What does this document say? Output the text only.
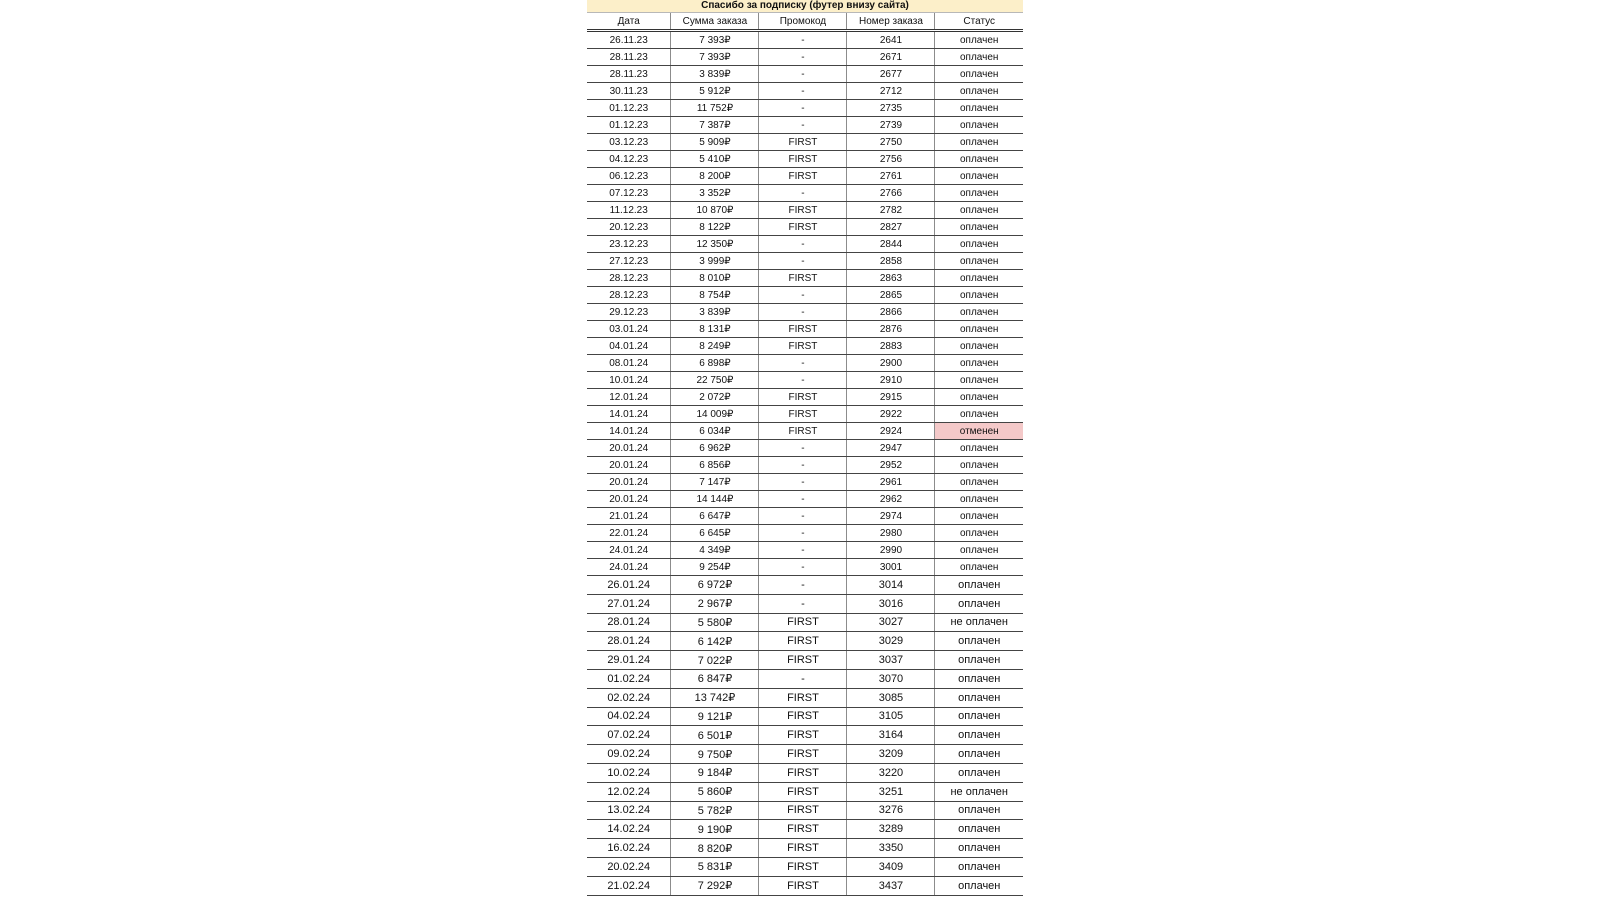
Спасибо за подписку (футер внизу сайта)
Дата	Сумма заказа	Промокод	Номер заказа	Статус
26.11.23	7 393₽	-	2641	оплачен
28.11.23	7 393₽	-	2671	оплачен
28.11.23	3 839₽	-	2677	оплачен
30.11.23	5 912₽	-	2712	оплачен
01.12.23	11 752₽	-	2735	оплачен
01.12.23	7 387₽	-	2739	оплачен
03.12.23	5 909₽	FIRST	2750	оплачен
04.12.23	5 410₽	FIRST	2756	оплачен
06.12.23	8 200₽	FIRST	2761	оплачен
07.12.23	3 352₽	-	2766	оплачен
11.12.23	10 870₽	FIRST	2782	оплачен
20.12.23	8 122₽	FIRST	2827	оплачен
23.12.23	12 350₽	-	2844	оплачен
27.12.23	3 999₽	-	2858	оплачен
28.12.23	8 010₽	FIRST	2863	оплачен
28.12.23	8 754₽	-	2865	оплачен
29.12.23	3 839₽	-	2866	оплачен
03.01.24	8 131₽	FIRST	2876	оплачен
04.01.24	8 249₽	FIRST	2883	оплачен
08.01.24	6 898₽	-	2900	оплачен
10.01.24	22 750₽	-	2910	оплачен
12.01.24	2 072₽	FIRST	2915	оплачен
14.01.24	14 009₽	FIRST	2922	оплачен
14.01.24	6 034₽	FIRST	2924	отменен
20.01.24	6 962₽	-	2947	оплачен
20.01.24	6 856₽	-	2952	оплачен
20.01.24	7 147₽	-	2961	оплачен
20.01.24	14 144₽	-	2962	оплачен
21.01.24	6 647₽	-	2974	оплачен
22.01.24	6 645₽	-	2980	оплачен
24.01.24	4 349₽	-	2990	оплачен
24.01.24	9 254₽	-	3001	оплачен
26.01.24	6 972₽	-	3014	оплачен
27.01.24	2 967₽	-	3016	оплачен
28.01.24	5 580₽	FIRST	3027	не оплачен
28.01.24	6 142₽	FIRST	3029	оплачен
29.01.24	7 022₽	FIRST	3037	оплачен
01.02.24	6 847₽	-	3070	оплачен
02.02.24	13 742₽	FIRST	3085	оплачен
04.02.24	9 121₽	FIRST	3105	оплачен
07.02.24	6 501₽	FIRST	3164	оплачен
09.02.24	9 750₽	FIRST	3209	оплачен
10.02.24	9 184₽	FIRST	3220	оплачен
12.02.24	5 860₽	FIRST	3251	не оплачен
13.02.24	5 782₽	FIRST	3276	оплачен
14.02.24	9 190₽	FIRST	3289	оплачен
16.02.24	8 820₽	FIRST	3350	оплачен
20.02.24	5 831₽	FIRST	3409	оплачен
21.02.24	7 292₽	FIRST	3437	оплачен
